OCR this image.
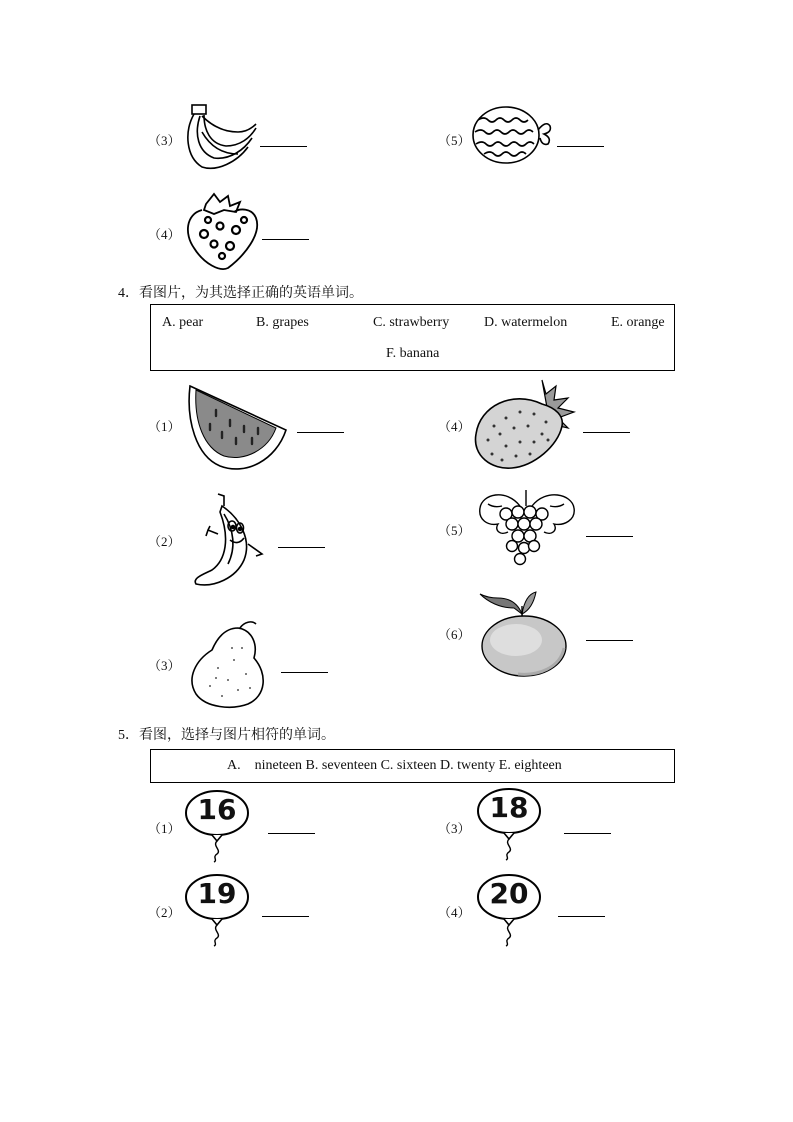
（3）	（5）
（4）
4．看图片，为其选择正确的英语单词。
A. pear	B. grapes	C. strawberry D. watermelon	E. orange
F. banana
（1）	（4）
（2）
（5）
（3）
（6）
5．看图，选择与图片相符的单词。
A.    nineteen B. seventeen C. sixteen D. twenty E. eighteen
（1）
16
（3）
18
（2）
19
（4）
20
